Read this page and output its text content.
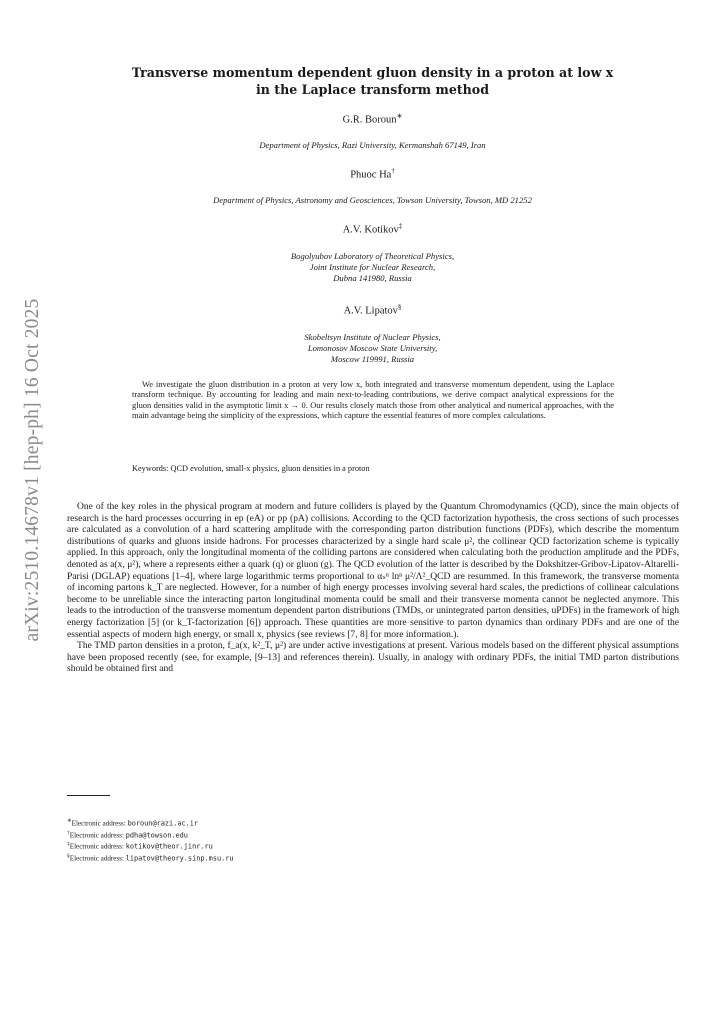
arXiv:2510.14678v1 [hep-ph] 16 Oct 2025
Transverse momentum dependent gluon density in a proton at low x
in the Laplace transform method
G.R. Boroun∗
Department of Physics, Razi University, Kermanshah 67149, Iran
Phuoc Ha†
Department of Physics, Astronomy and Geosciences, Towson University, Towson, MD 21252
A.V. Kotikov‡
Bogolyubov Laboratory of Theoretical Physics,
Joint Institute for Nuclear Research,
Dubna 141980, Russia
A.V. Lipatov§
Skobeltsyn Institute of Nuclear Physics,
Lomonosov Moscow State University,
Moscow 119991, Russia

We investigate the gluon distribution in a proton at very low x, both integrated and transverse momentum dependent, using the Laplace transform technique. By accounting for leading and main next-to-leading contributions, we derive compact analytical expressions for the gluon densities valid in the asymptotic limit x → 0. Our results closely match those from other analytical and numerical approaches, with the main advantage being the simplicity of the expressions, which capture the essential features of more complex calculations.

Keywords: QCD evolution, small-x physics, gluon densities in a proton

One of the key roles in the physical program at modern and future colliders is played by the Quantum Chromodynamics (QCD), since the main objects of research is the hard processes occurring in ep (eA) or pp (pA) collisions. According to the QCD factorization hypothesis, the cross sections of such processes are calculated as a convolution of a hard scattering amplitude with the corresponding parton distribution functions (PDFs), which describe the momentum distributions of quarks and gluons inside hadrons. For processes characterized by a single hard scale μ², the collinear QCD factorization scheme is typically applied. In this approach, only the longitudinal momenta of the colliding partons are considered when calculating both the production amplitude and the PDFs, denoted as a(x, μ²), where a represents either a quark (q) or gluon (g). The QCD evolution of the latter is described by the Dokshitzer-Gribov-Lipatov-Altarelli-Parisi (DGLAP) equations [1–4], where large logarithmic terms proportional to αₛⁿ lnⁿ μ²/Λ²_QCD are resummed. In this framework, the transverse momenta of incoming partons k_T are neglected. However, for a number of high energy processes involving several hard scales, the predictions of collinear calculations become to be unreliable since the interacting parton longitudinal momenta could be small and their transverse momenta cannot be neglected anymore. This leads to the introduction of the transverse momentum dependent parton distributions (TMDs, or unintegrated parton densities, uPDFs) in the framework of high energy factorization [5] (or k_T-factorization [6]) approach. These quantities are more sensitive to parton dynamics than ordinary PDFs and are one of the essential aspects of modern high energy, or small x, physics (see reviews [7, 8] for more information.).

The TMD parton densities in a proton, f_a(x, k²_T, μ²) are under active investigations at present. Various models based on the different physical assumptions have been proposed recently (see, for example, [9–13] and references therein). Usually, in analogy with ordinary PDFs, the initial TMD parton distributions should be obtained first and

∗Electronic address: boroun@razi.ac.ir
†Electronic address: pdha@towson.edu
‡Electronic address: kotikov@theor.jinr.ru
§Electronic address: lipatov@theory.sinp.msu.ru
